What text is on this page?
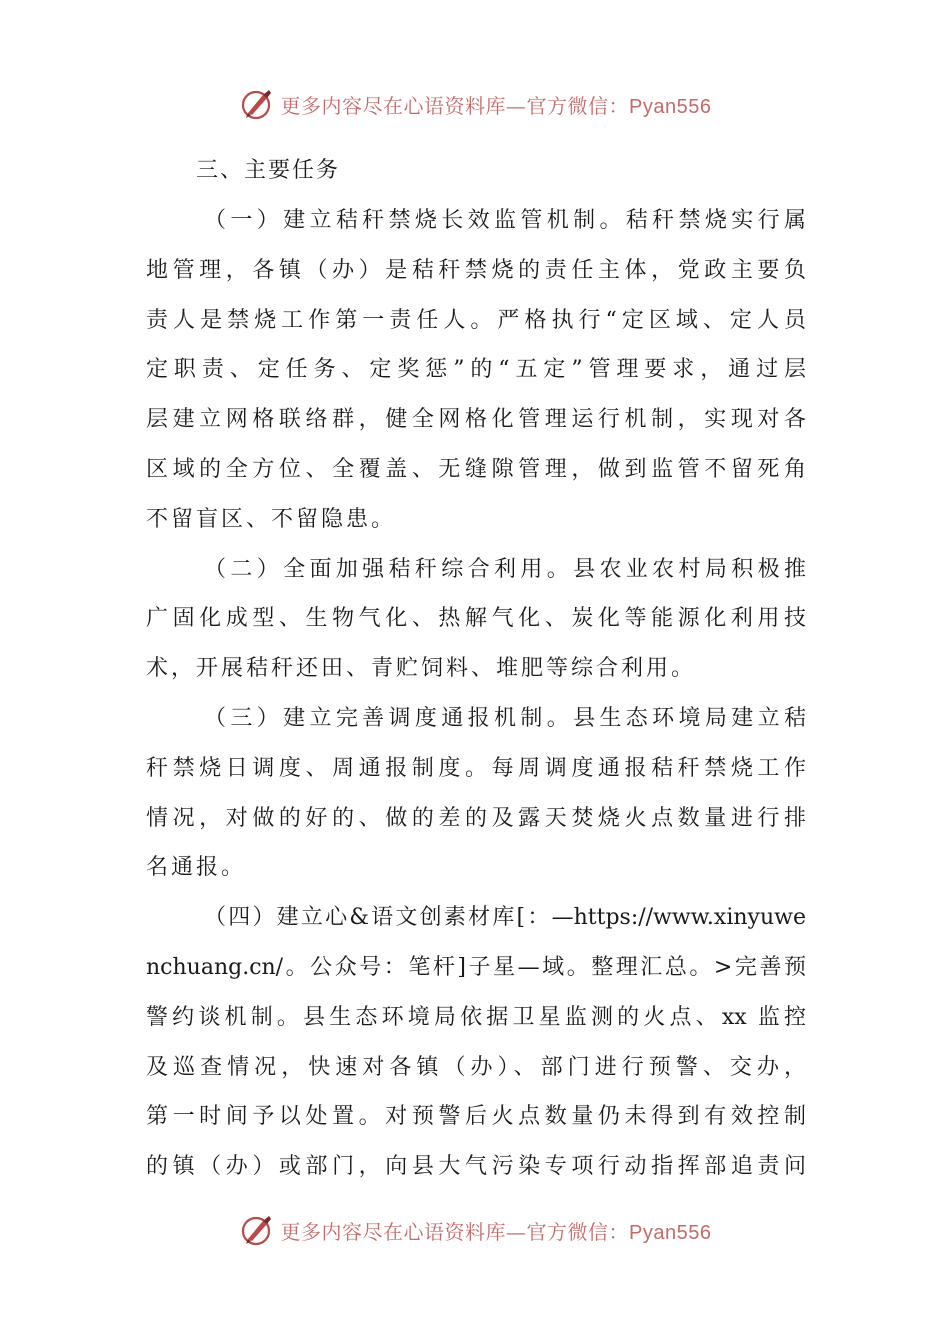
更多内容尽在心语资料库—官方微信：Pyan556

三、主要任务

（一）建立秸秆禁烧长效监管机制。秸秆禁烧实行属

地管理，各镇（办）是秸秆禁烧的责任主体，党政主要负

责人是禁烧工作第一责任人。严格执行“定区域、定人员

定职责、定任务、定奖惩”的“五定”管理要求，通过层

层建立网格联络群，健全网格化管理运行机制，实现对各

区域的全方位、全覆盖、无缝隙管理，做到监管不留死角

不留盲区、不留隐患。

（二）全面加强秸秆综合利用。县农业农村局积极推

广固化成型、生物气化、热解气化、炭化等能源化利用技

术，开展秸秆还田、青贮饲料、堆肥等综合利用。

（三）建立完善调度通报机制。县生态环境局建立秸

秆禁烧日调度、周通报制度。每周调度通报秸秆禁烧工作

情况，对做的好的、做的差的及露天焚烧火点数量进行排

名通报。

（四）建立心&语文创素材库[：—https://www.xinyuwe

nchuang.cn/。公众号：笔杆]子星—域。整理汇总。>完善预

警约谈机制。县生态环境局依据卫星监测的火点、xx 监控

及巡查情况，快速对各镇（办）、部门进行预警、交办，

第一时间予以处置。对预警后火点数量仍未得到有效控制

的镇（办）或部门，向县大气污染专项行动指挥部追责问

更多内容尽在心语资料库—官方微信：Pyan556
